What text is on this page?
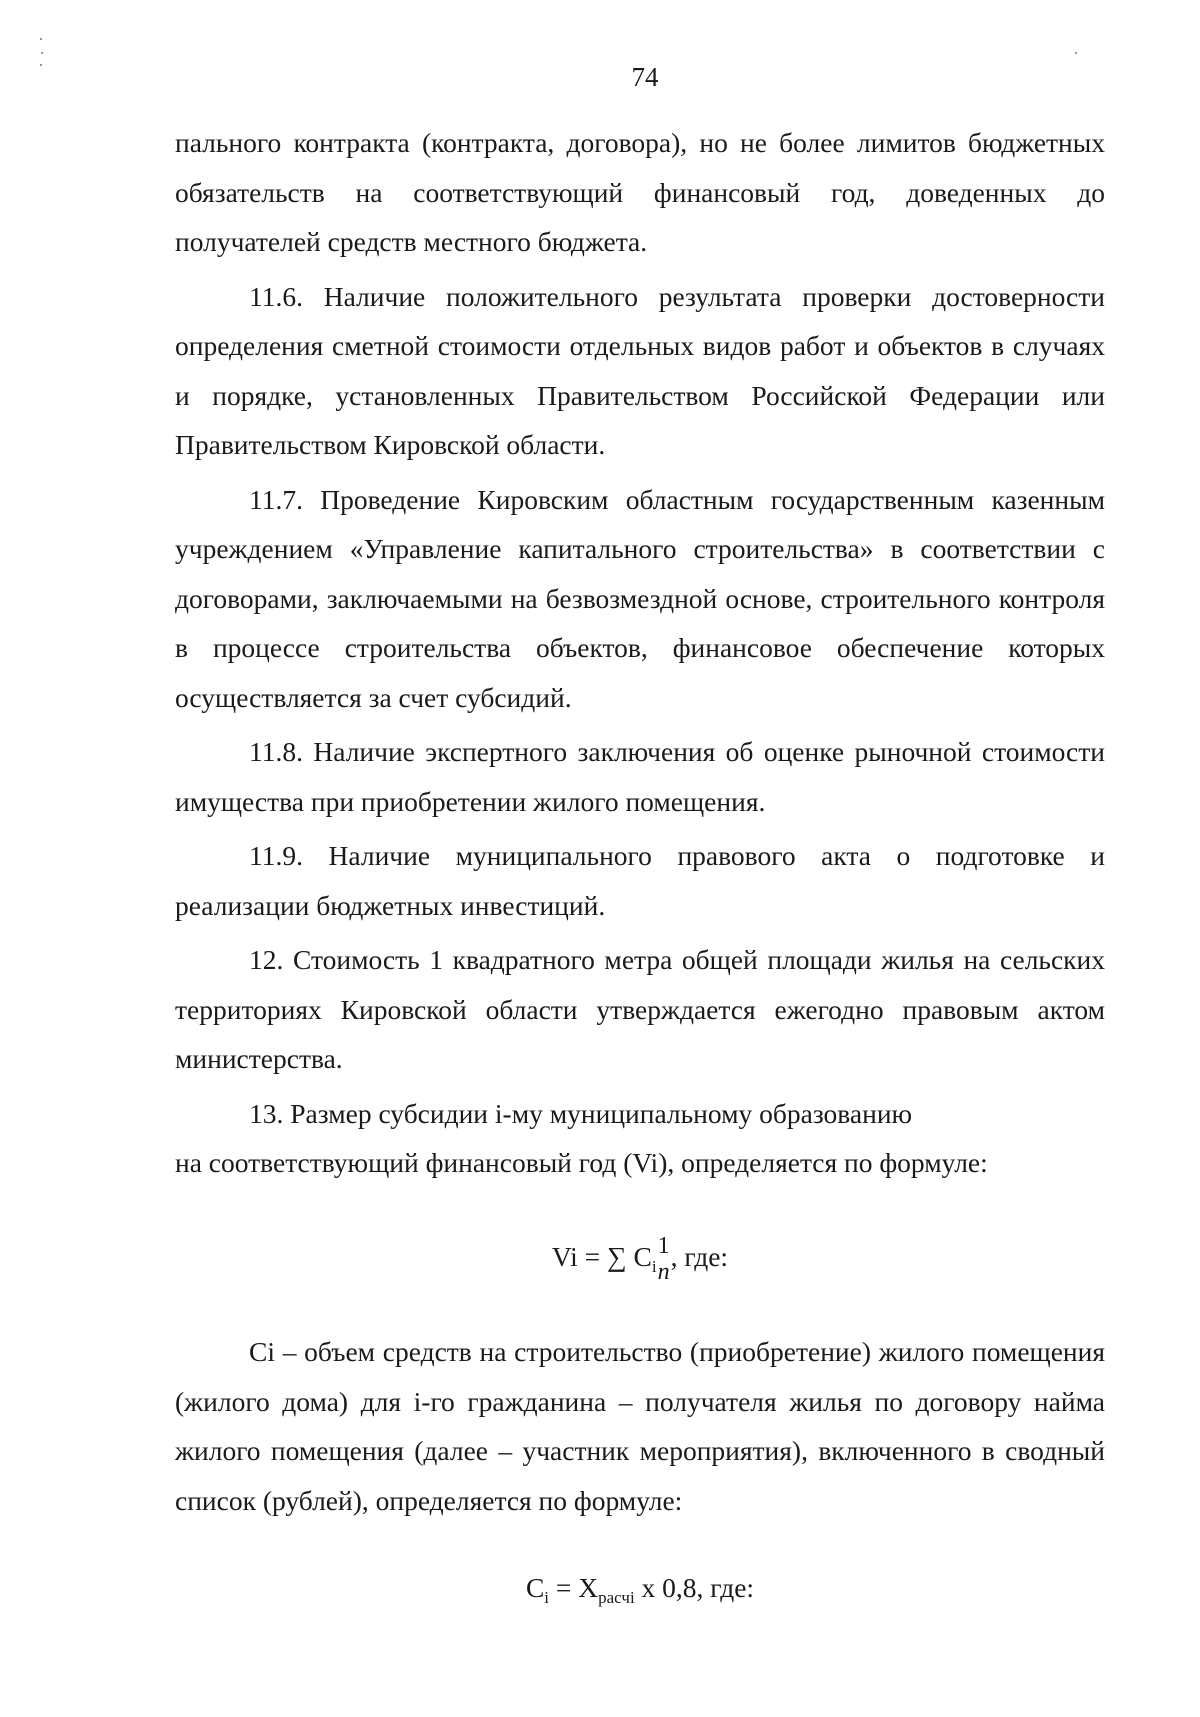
74

пального контракта (контракта, договора), но не более лимитов бюджетных обязательств на соответствующий финансовый год, доведенных до получателей средств местного бюджета.

11.6. Наличие положительного результата проверки достоверности определения сметной стоимости отдельных видов работ и объектов в случаях и порядке, установленных Правительством Российской Федерации или Правительством Кировской области.

11.7. Проведение Кировским областным государственным казенным учреждением «Управление капитального строительства» в соответствии с договорами, заключаемыми на безвозмездной основе, строительного контроля в процессе строительства объектов, финансовое обеспечение которых осуществляется за счет субсидий.

11.8. Наличие экспертного заключения об оценке рыночной стоимости имущества при приобретении жилого помещения.

11.9. Наличие муниципального правового акта о подготовке и реализации бюджетных инвестиций.

12. Стоимость 1 квадратного метра общей площади жилья на сельских территориях Кировской области утверждается ежегодно правовым актом министерства.

13. Размер субсидии i-му муниципальному образованию

на соответствующий финансовый год (Vi), определяется по формуле:

Vi = ∑ $C_i$
1
n
, где:

Ci – объем средств на строительство (приобретение) жилого помещения (жилого дома) для i-го гражданина – получателя жилья по договору найма жилого помещения (далее – участник мероприятия), включенного в сводный список (рублей), определяется по формуле:

$C_i = X_{расчi}$ x 0,8, где:
